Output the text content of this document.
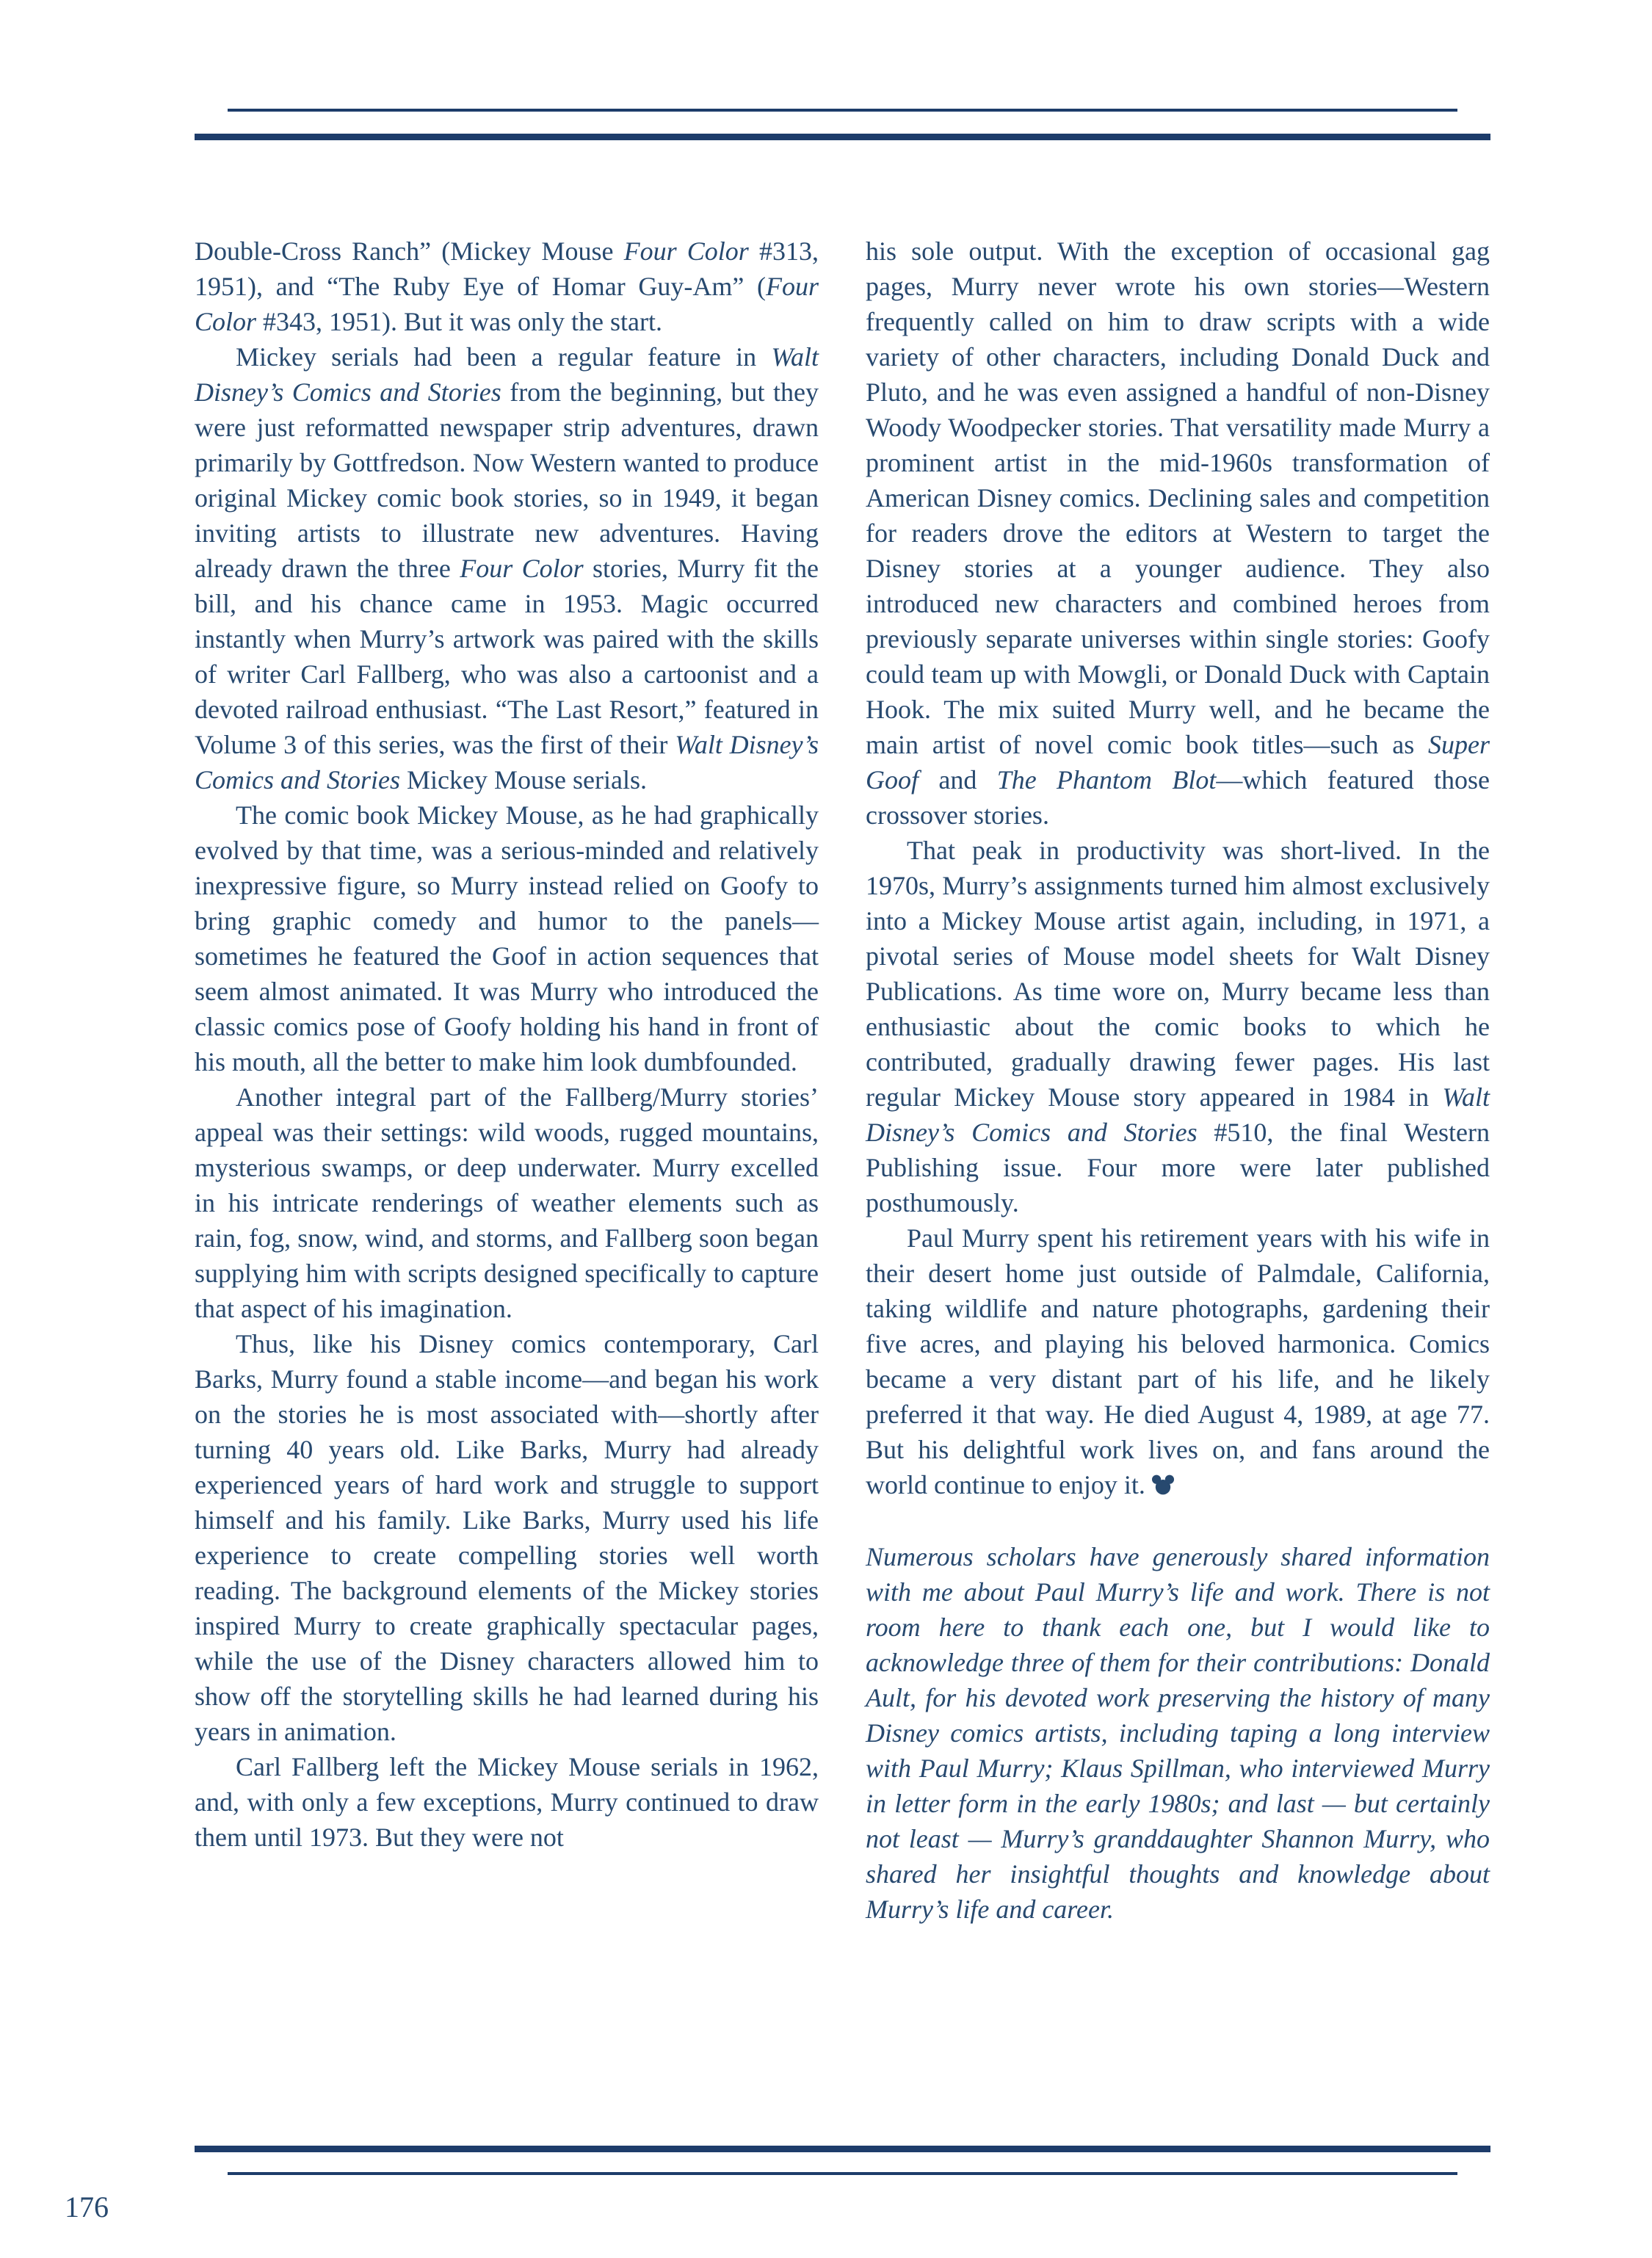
Double-Cross Ranch” (Mickey Mouse Four Color #313, 1951), and “The Ruby Eye of Homar Guy-Am” (Four Color #343, 1951). But it was only the start.

Mickey serials had been a regular feature in Walt Disney’s Comics and Stories from the beginning, but they were just reformatted newspaper strip adventures, drawn primarily by Gottfredson. Now Western wanted to produce original Mickey comic book stories, so in 1949, it began inviting artists to illustrate new adventures. Having already drawn the three Four Color stories, Murry fit the bill, and his chance came in 1953. Magic occurred instantly when Murry’s artwork was paired with the skills of writer Carl Fallberg, who was also a cartoonist and a devoted railroad enthusiast. “The Last Resort,” featured in Volume 3 of this series, was the first of their Walt Disney’s Comics and Stories Mickey Mouse serials.

The comic book Mickey Mouse, as he had graphically evolved by that time, was a serious-minded and relatively inexpressive figure, so Murry instead relied on Goofy to bring graphic comedy and humor to the panels—sometimes he featured the Goof in action sequences that seem almost animated. It was Murry who introduced the classic comics pose of Goofy holding his hand in front of his mouth, all the better to make him look dumbfounded.

Another integral part of the Fallberg/Murry stories’ appeal was their settings: wild woods, rugged mountains, mysterious swamps, or deep underwater. Murry excelled in his intricate renderings of weather elements such as rain, fog, snow, wind, and storms, and Fallberg soon began supplying him with scripts designed specifically to capture that aspect of his imagination.

Thus, like his Disney comics contemporary, Carl Barks, Murry found a stable income—and began his work on the stories he is most associated with—shortly after turning 40 years old. Like Barks, Murry had already experienced years of hard work and struggle to support himself and his family. Like Barks, Murry used his life experience to create compelling stories well worth reading. The background elements of the Mickey stories inspired Murry to create graphically spectacular pages, while the use of the Disney characters allowed him to show off the storytelling skills he had learned during his years in animation.

Carl Fallberg left the Mickey Mouse serials in 1962, and, with only a few exceptions, Murry continued to draw them until 1973. But they were not

his sole output. With the exception of occasional gag pages, Murry never wrote his own stories—Western frequently called on him to draw scripts with a wide variety of other characters, including Donald Duck and Pluto, and he was even assigned a handful of non-Disney Woody Woodpecker stories. That versatility made Murry a prominent artist in the mid-1960s transformation of American Disney comics. Declining sales and competition for readers drove the editors at Western to target the Disney stories at a younger audience. They also introduced new characters and combined heroes from previously separate universes within single stories: Goofy could team up with Mowgli, or Donald Duck with Captain Hook. The mix suited Murry well, and he became the main artist of novel comic book titles—such as Super Goof and The Phantom Blot—which featured those crossover stories.

That peak in productivity was short-lived. In the 1970s, Murry’s assignments turned him almost exclusively into a Mickey Mouse artist again, including, in 1971, a pivotal series of Mouse model sheets for Walt Disney Publications. As time wore on, Murry became less than enthusiastic about the comic books to which he contributed, gradually drawing fewer pages. His last regular Mickey Mouse story appeared in 1984 in Walt Disney’s Comics and Stories #510, the final Western Publishing issue. Four more were later published posthumously.

Paul Murry spent his retirement years with his wife in their desert home just outside of Palmdale, California, taking wildlife and nature photographs, gardening their five acres, and playing his beloved harmonica. Comics became a very distant part of his life, and he likely preferred it that way. He died August 4, 1989, at age 77. But his delightful work lives on, and fans around the world continue to enjoy it.

Numerous scholars have generously shared information with me about Paul Murry’s life and work. There is not room here to thank each one, but I would like to acknowledge three of them for their contributions: Donald Ault, for his devoted work preserving the history of many Disney comics artists, including taping a long interview with Paul Murry; Klaus Spillman, who interviewed Murry in letter form in the early 1980s; and last — but certainly not least — Murry’s granddaughter Shannon Murry, who shared her insightful thoughts and knowledge about Murry’s life and career.

176
